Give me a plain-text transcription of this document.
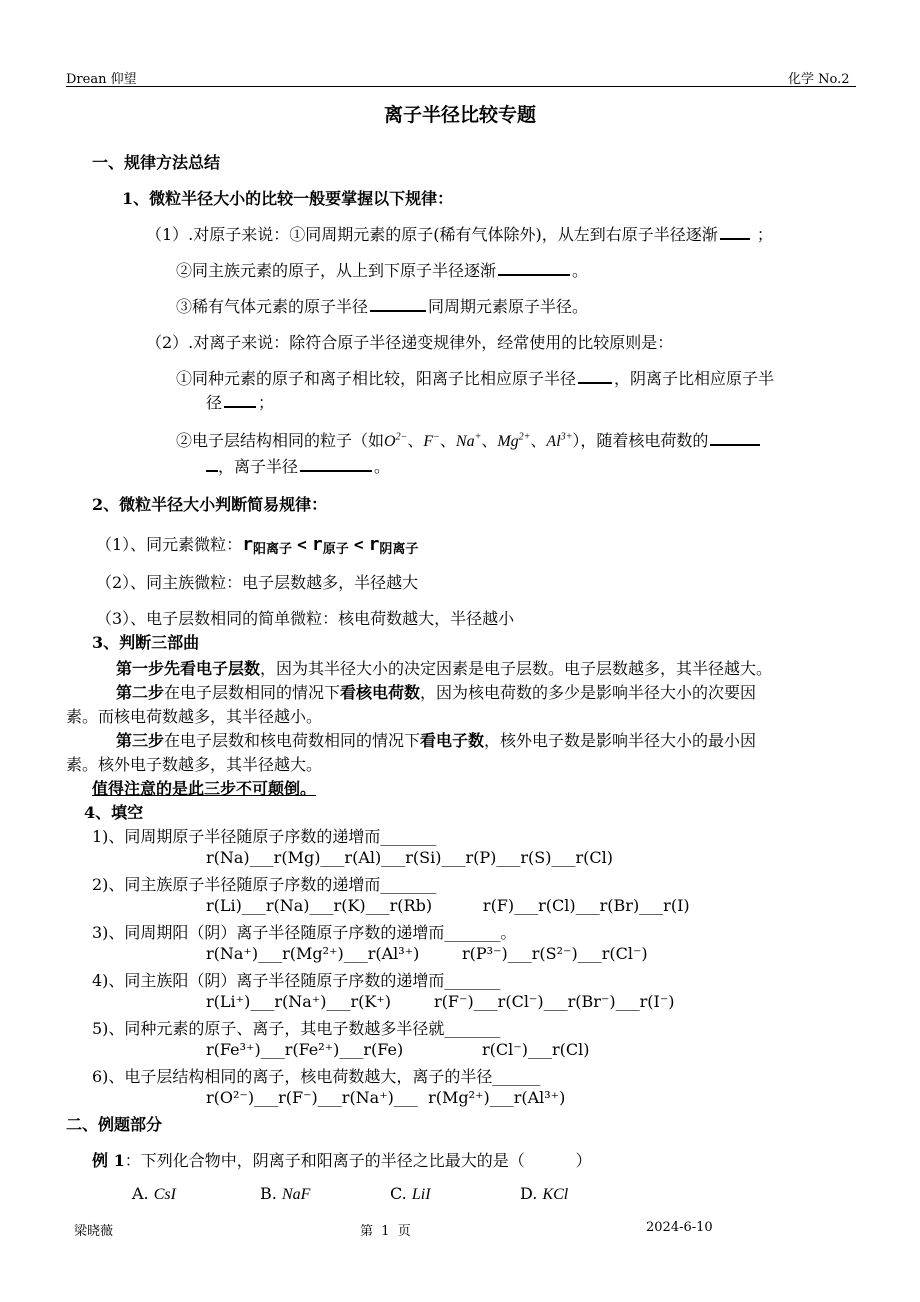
Drean 仰望	化学 No.2
离子半径比较专题
一、规律方法总结
1、微粒半径大小的比较一般要掌握以下规律：
（1）.对原子来说：①同周期元素的原子(稀有气体除外)，从左到右原子半径逐渐 ；
②同主族元素的原子，从上到下原子半径逐渐	。
③稀有气体元素的原子半径	同周期元素原子半径。
（2）.对离子来说：除符合原子半径递变规律外，经常使用的比较原则是：
①同种元素的原子和离子相比较，阳离子比相应原子半径 ，阴离子比相应原子半
径 ；
②电子层结构相同的粒子（如$O^{2-}$、F−、Na+、$Mg^{2+}$、$Al^{3+}$），随着核电荷数的
，离子半径	。
2、微粒半径大小判断简易规律：
（1）、同元素微粒：$r_{阳离子} < r_{原子} < r_{阴离子}$
（2）、同主族微粒：电子层数越多，半径越大
（3）、电子层数相同的简单微粒：核电荷数越大，半径越小
3、判断三部曲
第一步先看电子层数，因为其半径大小的决定因素是电子层数。电子层数越多，其半径越大。
第二步在电子层数相同的情况下看核电荷数，因为核电荷数的多少是影响半径大小的次要因
素。而核电荷数越多，其半径越小。
第三步在电子层数和核电荷数相同的情况下看电子数，核外电子数是影响半径大小的最小因
素。核外电子数越多，其半径越大。
值得注意的是此三步不可颠倒。
4、填空
1)、同周期原子半径随原子序数的递增而_______
r(Na)___r(Mg)___r(Al)___r(Si)___r(P)___r(S)___r(Cl)
2)、同主族原子半径随原子序数的递增而_______
r(Li)___r(Na)___r(K)___r(Rb)          r(F)___r(Cl)___r(Br)___r(I)
3)、同周期阳（阴）离子半径随原子序数的递增而_______。
r(Na⁺)___r(Mg²⁺)___r(Al³⁺)	r(P³⁻)___r(S²⁻)___r(Cl⁻)
4)、同主族阳（阴）离子半径随原子序数的递增而_______
r(Li⁺)___r(Na⁺)___r(K⁺)	r(F⁻)___r(Cl⁻)___r(Br⁻)___r(I⁻)
5)、同种元素的原子、离子，其电子数越多半径就_______
r(Fe³⁺)___r(Fe²⁺)___r(Fe)	r(Cl⁻)___r(Cl)
6)、电子层结构相同的离子，核电荷数越大，离子的半径______
r(O²⁻)___r(F⁻)___r(Na⁺)___  r(Mg²⁺)___r(Al³⁺)
二、例题部分
例 1：下列化合物中，阴离子和阳离子的半径之比最大的是（          ）
A. CsI	B. NaF	C. LiI	D. KCl
梁晓薇	第  1  页	2024-6-10
